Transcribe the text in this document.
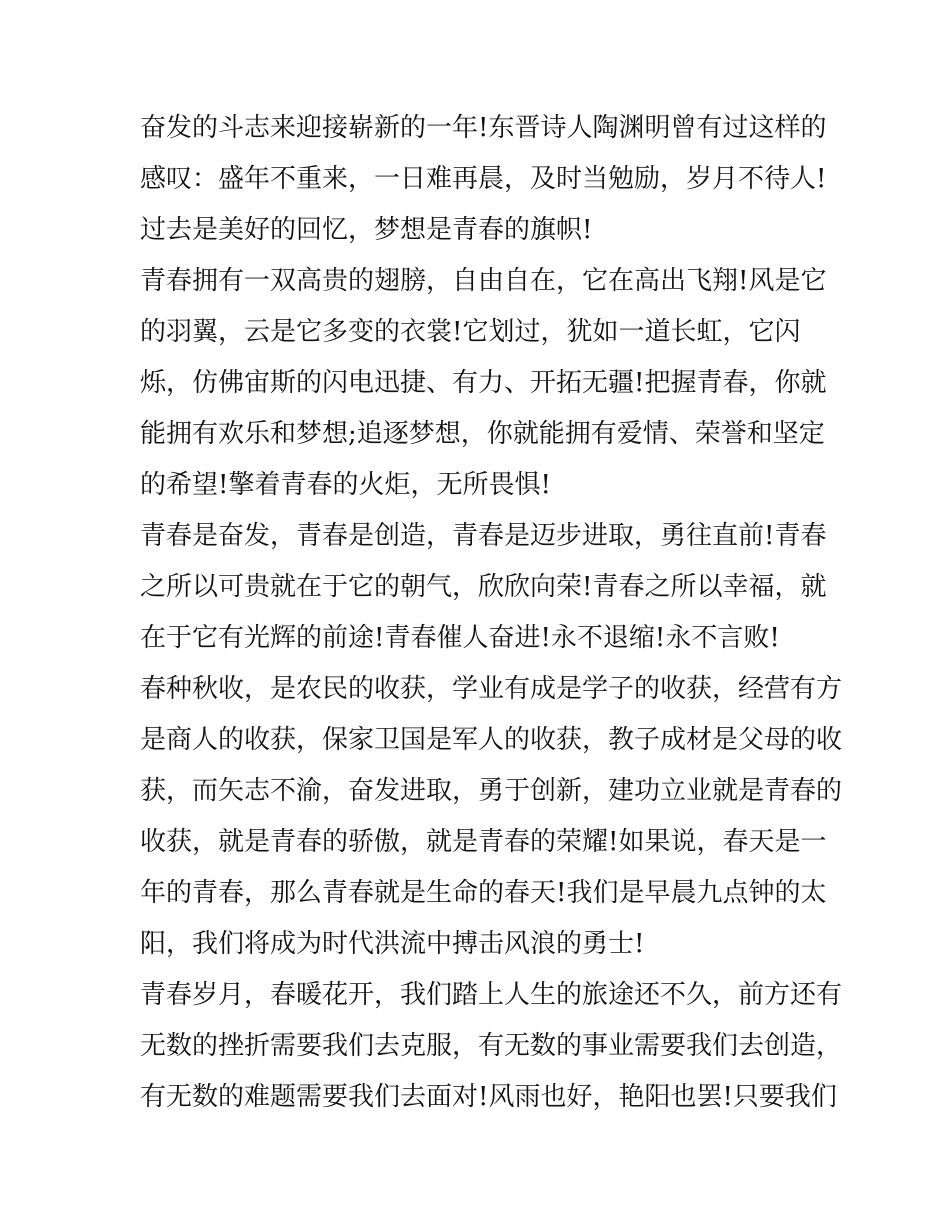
奋发的斗志来迎接崭新的一年!东晋诗人陶渊明曾有过这样的
感叹：盛年不重来，一日难再晨，及时当勉励，岁月不待人!
过去是美好的回忆，梦想是青春的旗帜!
青春拥有一双高贵的翅膀，自由自在，它在高出飞翔!风是它
的羽翼，云是它多变的衣裳!它划过，犹如一道长虹，它闪
烁，仿佛宙斯的闪电迅捷、有力、开拓无疆!把握青春，你就
能拥有欢乐和梦想;追逐梦想，你就能拥有爱情、荣誉和坚定
的希望!擎着青春的火炬，无所畏惧!
青春是奋发，青春是创造，青春是迈步进取，勇往直前!青春
之所以可贵就在于它的朝气，欣欣向荣!青春之所以幸福，就
在于它有光辉的前途!青春催人奋进!永不退缩!永不言败!
春种秋收，是农民的收获，学业有成是学子的收获，经营有方
是商人的收获，保家卫国是军人的收获，教子成材是父母的收
获，而矢志不渝，奋发进取，勇于创新，建功立业就是青春的
收获，就是青春的骄傲，就是青春的荣耀!如果说，春天是一
年的青春，那么青春就是生命的春天!我们是早晨九点钟的太
阳，我们将成为时代洪流中搏击风浪的勇士!
青春岁月，春暖花开，我们踏上人生的旅途还不久，前方还有
无数的挫折需要我们去克服，有无数的事业需要我们去创造，
有无数的难题需要我们去面对!风雨也好，艳阳也罢!只要我们
